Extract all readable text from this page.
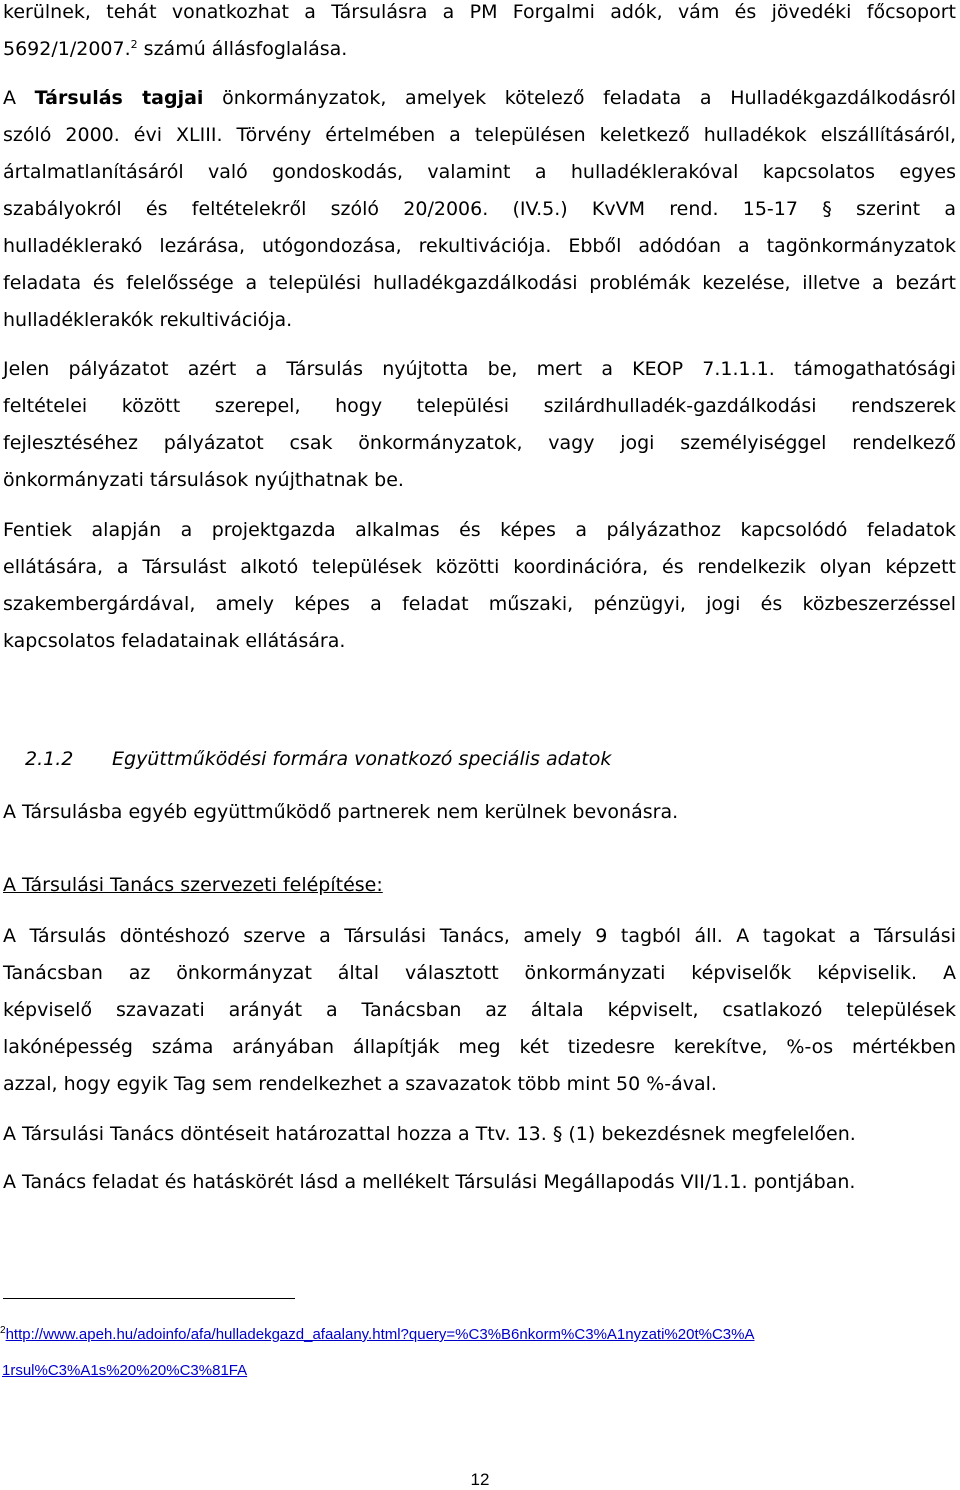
kerülnek, tehát vonatkozhat a Társulásra a PM Forgalmi adók, vám és jövedéki főcsoport
5692/1/2007.$^2$ számú állásfoglalása.
A Társulás tagjai önkormányzatok, amelyek kötelező feladata a Hulladékgazdálkodásról
szóló 2000. évi XLIII. Törvény értelmében a településen keletkező hulladékok elszállításáról,
ártalmatlanításáról való gondoskodás, valamint a hulladéklerakóval kapcsolatos egyes
szabályokról és feltételekről szóló 20/2006. (IV.5.) KvVM rend. 15-17 § szerint a
hulladéklerakó lezárása, utógondozása, rekultivációja. Ebből adódóan a tagönkormányzatok
feladata és felelőssége a települési hulladékgazdálkodási problémák kezelése, illetve a bezárt
hulladéklerakók rekultivációja.
Jelen pályázatot azért a Társulás nyújtotta be, mert a KEOP 7.1.1.1. támogathatósági
feltételei között szerepel, hogy települési szilárdhulladék-gazdálkodási rendszerek
fejlesztéséhez pályázatot csak önkormányzatok, vagy jogi személyiséggel rendelkező
önkormányzati társulások nyújthatnak be.
Fentiek alapján a projektgazda alkalmas és képes a pályázathoz kapcsolódó feladatok
ellátására, a Társulást alkotó települések közötti koordinációra, és rendelkezik olyan képzett
szakembergárdával, amely képes a feladat műszaki, pénzügyi, jogi és közbeszerzéssel
kapcsolatos feladatainak ellátására.
2.1.2 Együttműködési formára vonatkozó speciális adatok
A Társulásba egyéb együttműködő partnerek nem kerülnek bevonásra.
A Társulási Tanács szervezeti felépítése:
A Társulás döntéshozó szerve a Társulási Tanács, amely 9 tagból áll. A tagokat a Társulási
Tanácsban az önkormányzat által választott önkormányzati képviselők képviselik. A
képviselő szavazati arányát a Tanácsban az általa képviselt, csatlakozó települések
lakónépesség száma arányában állapítják meg két tizedesre kerekítve, %-os mértékben
azzal, hogy egyik Tag sem rendelkezhet a szavazatok több mint 50 %-ával.
A Társulási Tanács döntéseit határozattal hozza a Ttv. 13. § (1) bekezdésnek megfelelően.
A Tanács feladat és hatáskörét lásd a mellékelt Társulási Megállapodás VII/1.1. pontjában.
$^2$http://www.apeh.hu/adoinfo/afa/hulladekgazd_afaalany.html?query=%C3%B6nkorm%C3%A1nyzati%20t%C3%A
1rsul%C3%A1s%20%20%C3%81FA
12
